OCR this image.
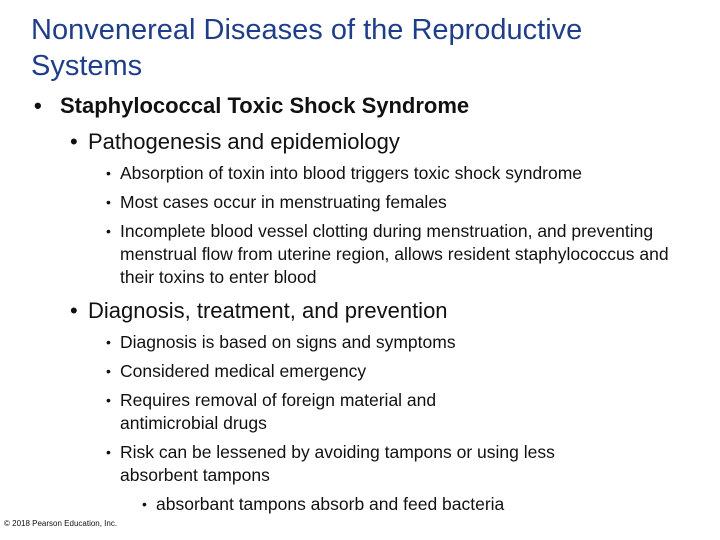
Nonvenereal Diseases of the Reproductive Systems
• Staphylococcal Toxic Shock Syndrome
• Pathogenesis and epidemiology
• Absorption of toxin into blood triggers toxic shock syndrome
• Most cases occur in menstruating females
• Incomplete blood vessel clotting during menstruation, and preventing menstrual flow from uterine region, allows resident staphylococcus and their toxins to enter blood
• Diagnosis, treatment, and prevention
• Diagnosis is based on signs and symptoms
• Considered medical emergency
• Requires removal of foreign material and antimicrobial drugs
• Risk can be lessened by avoiding tampons or using less absorbent tampons
• absorbant tampons absorb and feed bacteria
© 2018 Pearson Education, Inc.
